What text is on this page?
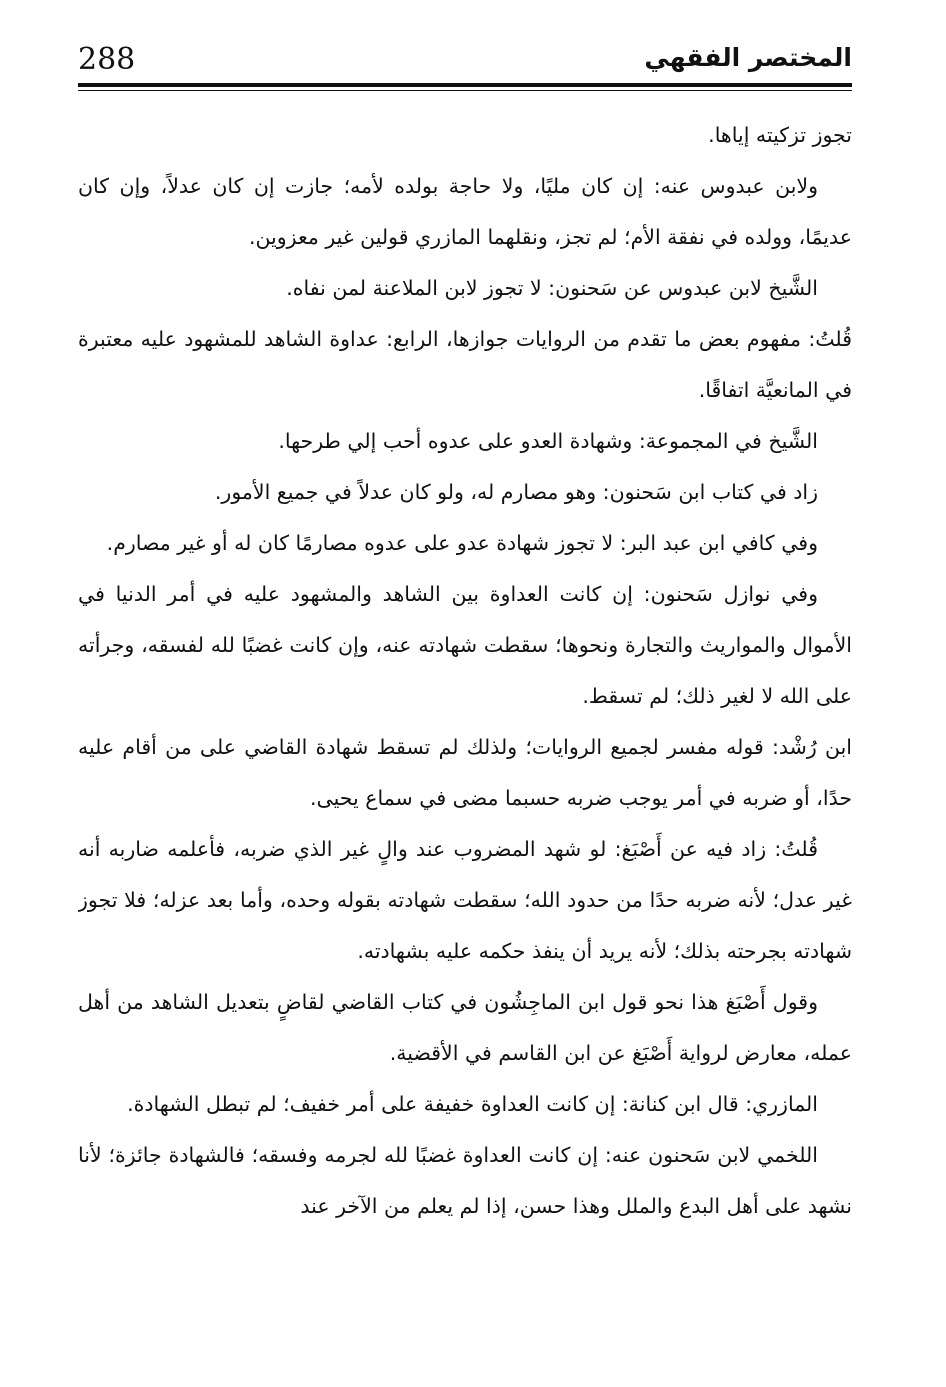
288	المختصر الفقهي

تجوز تزكيته إياها.

ولابن عبدوس عنه: إن كان مليًا، ولا حاجة بولده لأمه؛ جازت إن كان عدلاً، وإن كان عديمًا، وولده في نفقة الأم؛ لم تجز، ونقلهما المازري قولين غير معزوين.

الشَّيخ لابن عبدوس عن سَحنون: لا تجوز لابن الملاعنة لمن نفاه.

قُلتُ: مفهوم بعض ما تقدم من الروايات جوازها، الرابع: عداوة الشاهد للمشهود عليه معتبرة في المانعيَّة اتفاقًا.

الشَّيخ في المجموعة: وشهادة العدو على عدوه أحب إلي طرحها.

زاد في كتاب ابن سَحنون: وهو مصارم له، ولو كان عدلاً في جميع الأمور.

وفي كافي ابن عبد البر: لا تجوز شهادة عدو على عدوه مصارمًا كان له أو غير مصارم.

وفي نوازل سَحنون: إن كانت العداوة بين الشاهد والمشهود عليه في أمر الدنيا في الأموال والمواريث والتجارة ونحوها؛ سقطت شهادته عنه، وإن كانت غضبًا لله لفسقه، وجرأته على الله لا لغير ذلك؛ لم تسقط.

ابن رُشْد: قوله مفسر لجميع الروايات؛ ولذلك لم تسقط شهادة القاضي على من أقام عليه حدًا، أو ضربه في أمر يوجب ضربه حسبما مضى في سماع يحيى.

قُلتُ: زاد فيه عن أَصْبَغ: لو شهد المضروب عند والٍ غير الذي ضربه، فأعلمه ضاربه أنه غير عدل؛ لأنه ضربه حدًا من حدود الله؛ سقطت شهادته بقوله وحده، وأما بعد عزله؛ فلا تجوز شهادته بجرحته بذلك؛ لأنه يريد أن ينفذ حكمه عليه بشهادته.

وقول أَصْبَغ هذا نحو قول ابن الماجِشُون في كتاب القاضي لقاضٍ بتعديل الشاهد من أهل عمله، معارض لرواية أَصْبَغ عن ابن القاسم في الأقضية.

المازري: قال ابن كنانة: إن كانت العداوة خفيفة على أمر خفيف؛ لم تبطل الشهادة.

اللخمي لابن سَحنون عنه: إن كانت العداوة غضبًا لله لجرمه وفسقه؛ فالشهادة جائزة؛ لأنا نشهد على أهل البدع والملل وهذا حسن، إذا لم يعلم من الآخر عند
